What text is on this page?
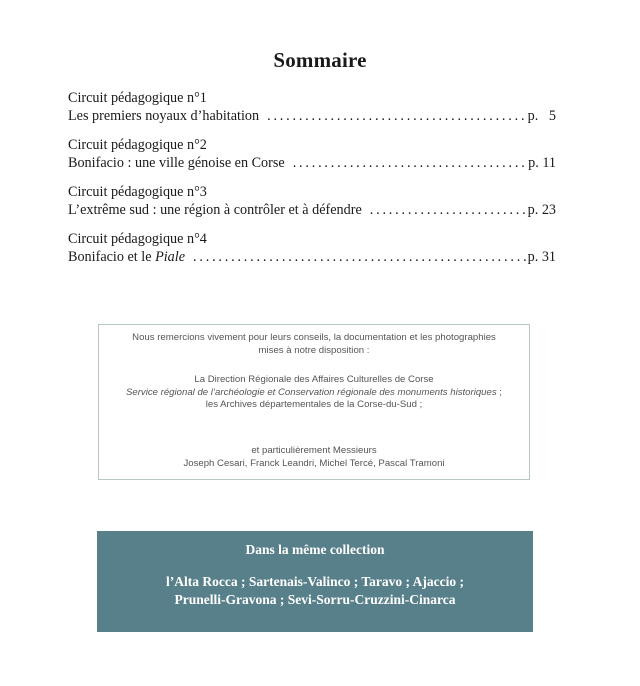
Sommaire
Circuit pédagogique n°1
Les premiers noyaux d’habitation .....	p.   5
Circuit pédagogique n°2
Bonifacio : une ville génoise en Corse .....	p. 11
Circuit pédagogique n°3
L’extrême sud : une région à contrôler et à défendre .....	p. 23
Circuit pédagogique n°4
Bonifacio et le Piale .....	p. 31
Nous remercions vivement pour leurs conseils, la documentation et les photographies
mises à notre disposition :
La Direction Régionale des Affaires Culturelles de Corse
Service régional de l’archéologie et Conservation régionale des monuments historiques ;
les Archives départementales de la Corse-du-Sud ;
et particulièrement Messieurs
Joseph Cesari, Franck Leandri, Michel Tercé, Pascal Tramoni
Dans la même collection
l’Alta Rocca ; Sartenais-Valinco ; Taravo ; Ajaccio ;
Prunelli-Gravona ; Sevi-Sorru-Cruzzini-Cinarca
